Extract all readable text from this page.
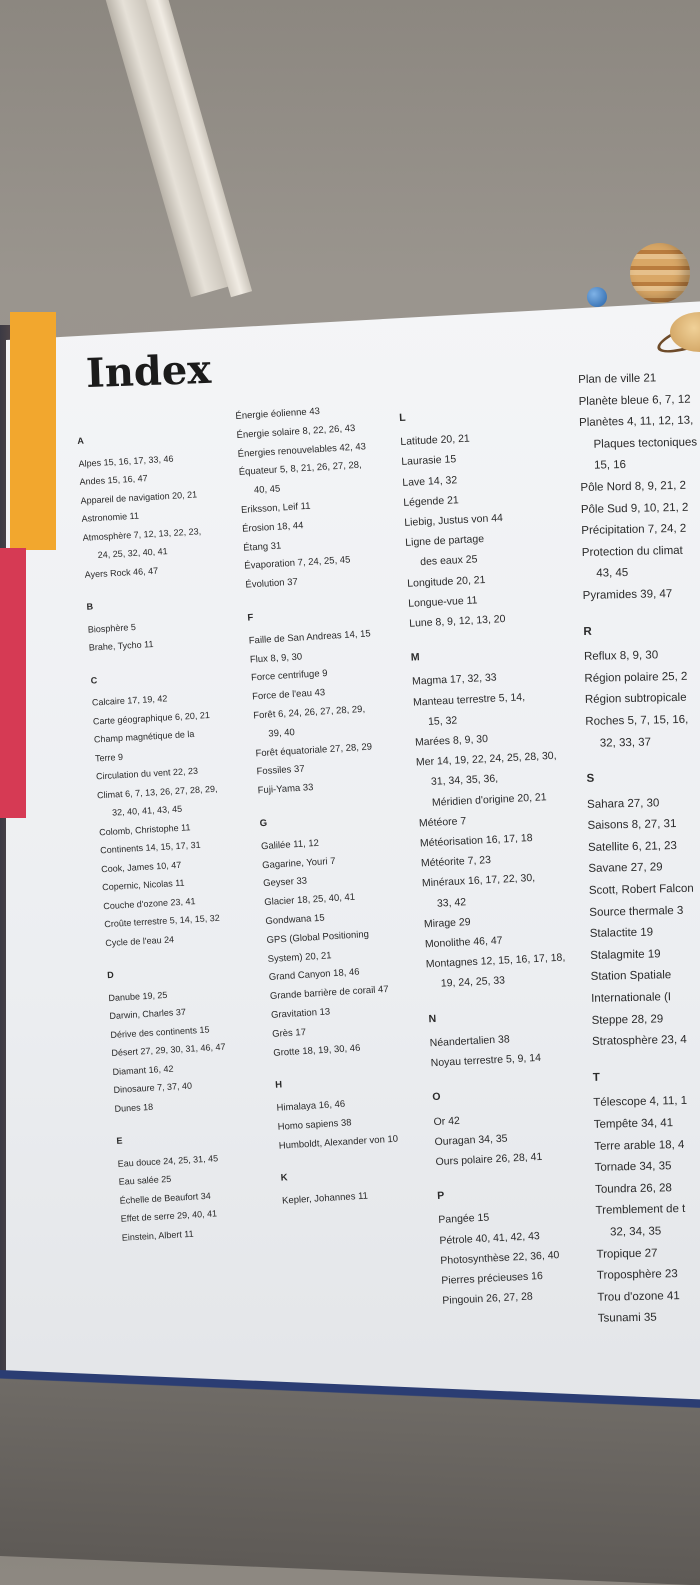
Index
A
Alpes 15, 16, 17, 33, 46
Andes 15, 16, 47
Appareil de navigation 20, 21
Astronomie 11
Atmosphère 7, 12, 13, 22, 23,
24, 25, 32, 40, 41
Ayers Rock 46, 47
B
Biosphère 5
Brahe, Tycho 11
C
Calcaire 17, 19, 42
Carte géographique 6, 20, 21
Champ magnétique de la
Terre 9
Circulation du vent 22, 23
Climat 6, 7, 13, 26, 27, 28, 29,
32, 40, 41, 43, 45
Colomb, Christophe 11
Continents 14, 15, 17, 31
Cook, James 10, 47
Copernic, Nicolas 11
Couche d'ozone 23, 41
Croûte terrestre 5, 14, 15, 32
Cycle de l'eau 24
D
Danube 19, 25
Darwin, Charles 37
Dérive des continents 15
Désert 27, 29, 30, 31, 46, 47
Diamant 16, 42
Dinosaure 7, 37, 40
Dunes 18
E
Eau douce 24, 25, 31, 45
Eau salée 25
Échelle de Beaufort 34
Effet de serre 29, 40, 41
Einstein, Albert 11
Énergie éolienne 43
Énergie solaire 8, 22, 26, 43
Énergies renouvelables 42, 43
Équateur 5, 8, 21, 26, 27, 28,
40, 45
Eriksson, Leif 11
Érosion 18, 44
Étang 31
Évaporation 7, 24, 25, 45
Évolution 37
F
Faille de San Andreas 14, 15
Flux 8, 9, 30
Force centrifuge 9
Force de l'eau 43
Forêt 6, 24, 26, 27, 28, 29,
39, 40
Forêt équatoriale 27, 28, 29
Fossiles 37
Fuji-Yama 33
G
Galilée 11, 12
Gagarine, Youri 7
Geyser 33
Glacier 18, 25, 40, 41
Gondwana 15
GPS (Global Positioning
System) 20, 21
Grand Canyon 18, 46
Grande barrière de corail 47
Gravitation 13
Grès 17
Grotte 18, 19, 30, 46
H
Himalaya 16, 46
Homo sapiens 38
Humboldt, Alexander von 10
K
Kepler, Johannes 11
L
Latitude 20, 21
Laurasie 15
Lave 14, 32
Légende 21
Liebig, Justus von 44
Ligne de partage
des eaux 25
Longitude 20, 21
Longue-vue 11
Lune 8, 9, 12, 13, 20
M
Magma 17, 32, 33
Manteau terrestre 5, 14,
15, 32
Marées 8, 9, 30
Mer 14, 19, 22, 24, 25, 28, 30,
31, 34, 35, 36,
Méridien d'origine 20, 21
Météore 7
Météorisation 16, 17, 18
Météorite 7, 23
Minéraux 16, 17, 22, 30,
33, 42
Mirage 29
Monolithe 46, 47
Montagnes 12, 15, 16, 17, 18,
19, 24, 25, 33
N
Néandertalien 38
Noyau terrestre 5, 9, 14
O
Or 42
Ouragan 34, 35
Ours polaire 26, 28, 41
P
Pangée 15
Pétrole 40, 41, 42, 43
Photosynthèse 22, 36, 40
Pierres précieuses 16
Pingouin 26, 27, 28
Plan de ville 21
Planète bleue 6, 7, 12
Planètes 4, 11, 12, 13,
Plaques tectoniques
15, 16
Pôle Nord 8, 9, 21, 2
Pôle Sud 9, 10, 21, 2
Précipitation 7, 24, 2
Protection du climat
43, 45
Pyramides 39, 47
R
Reflux 8, 9, 30
Région polaire 25, 2
Région subtropicale
Roches 5, 7, 15, 16,
32, 33, 37
S
Sahara 27, 30
Saisons 8, 27, 31
Satellite 6, 21, 23
Savane 27, 29
Scott, Robert Falcon
Source thermale 3
Stalactite 19
Stalagmite 19
Station Spatiale
Internationale (I
Steppe 28, 29
Stratosphère 23, 4
T
Télescope 4, 11, 1
Tempête 34, 41
Terre arable 18, 4
Tornade 34, 35
Toundra 26, 28
Tremblement de t
32, 34, 35
Tropique 27
Troposphère 23
Trou d'ozone 41
Tsunami 35
